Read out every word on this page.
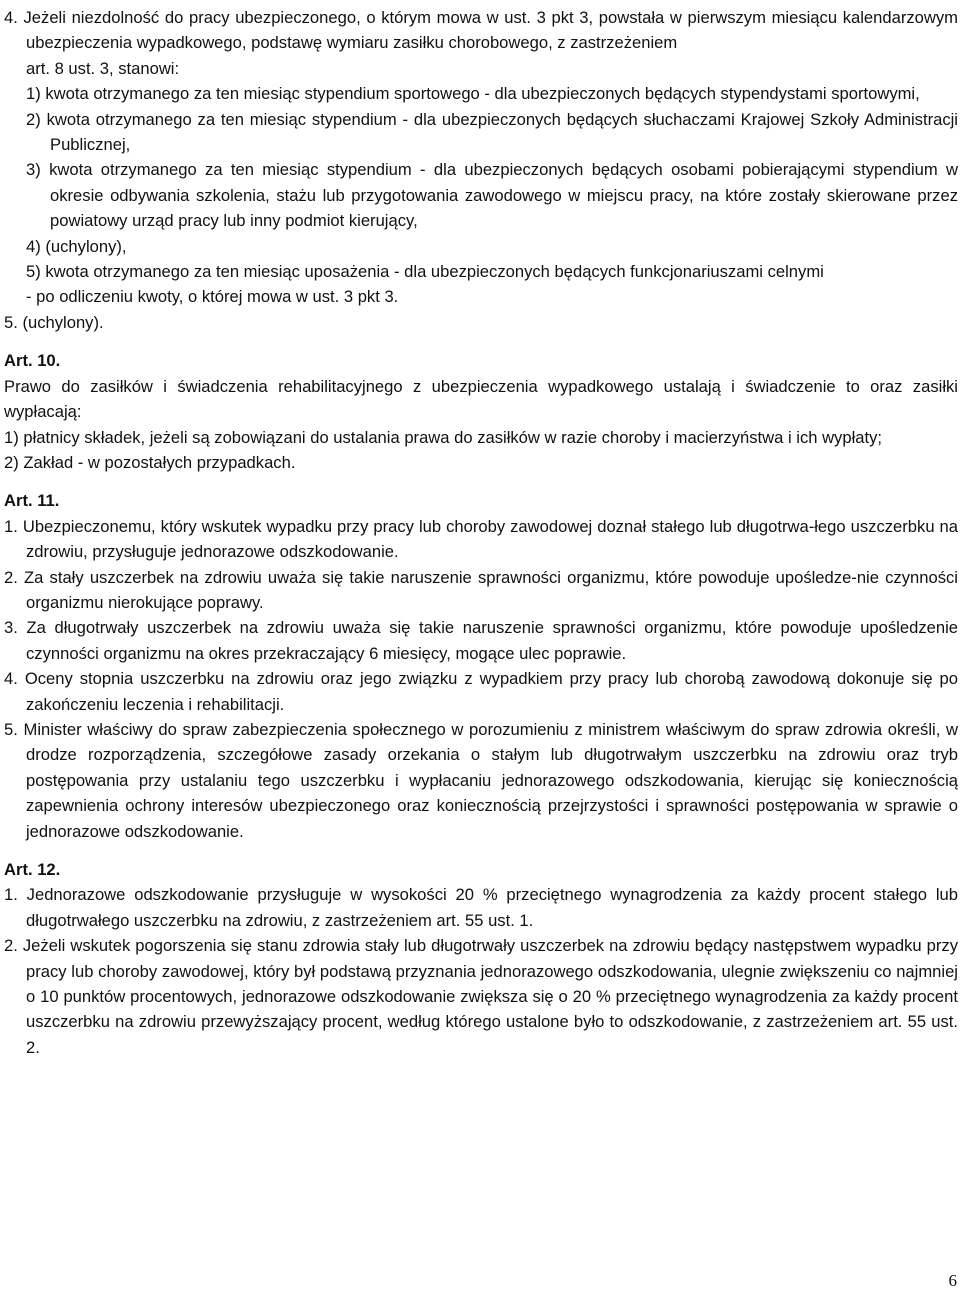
4. Jeżeli niezdolność do pracy ubezpieczonego, o którym mowa w ust. 3 pkt 3, powstała w pierwszym miesiącu kalendarzowym ubezpieczenia wypadkowego, podstawę wymiaru zasiłku chorobowego, z zastrzeżeniem

art. 8 ust. 3, stanowi:

1) kwota otrzymanego za ten miesiąc stypendium sportowego - dla ubezpieczonych będących stypendystami sportowymi,

2) kwota otrzymanego za ten miesiąc stypendium - dla ubezpieczonych będących słuchaczami Krajowej Szkoły Administracji Publicznej,

3) kwota otrzymanego za ten miesiąc stypendium - dla ubezpieczonych będących osobami pobierającymi stypendium w okresie odbywania szkolenia, stażu lub przygotowania zawodowego w miejscu pracy, na które zostały skierowane przez powiatowy urząd pracy lub inny podmiot kierujący,

4) (uchylony),

5) kwota otrzymanego za ten miesiąc uposażenia - dla ubezpieczonych będących funkcjonariuszami celnymi

- po odliczeniu kwoty, o której mowa w ust. 3 pkt 3.

5. (uchylony).

Art. 10.

Prawo do zasiłków i świadczenia rehabilitacyjnego z ubezpieczenia wypadkowego ustalają i świadczenie to oraz zasiłki wypłacają:

1) płatnicy składek, jeżeli są zobowiązani do ustalania prawa do zasiłków w razie choroby i macierzyństwa i ich wypłaty;

2) Zakład - w pozostałych przypadkach.

Art. 11.

1. Ubezpieczonemu, który wskutek wypadku przy pracy lub choroby zawodowej doznał stałego lub długotrwa-łego uszczerbku na zdrowiu, przysługuje jednorazowe odszkodowanie.

2. Za stały uszczerbek na zdrowiu uważa się takie naruszenie sprawności organizmu, które powoduje upośledze-nie czynności organizmu nierokujące poprawy.

3. Za długotrwały uszczerbek na zdrowiu uważa się takie naruszenie sprawności organizmu, które powoduje upośledzenie czynności organizmu na okres przekraczający 6 miesięcy, mogące ulec poprawie.

4. Oceny stopnia uszczerbku na zdrowiu oraz jego związku z wypadkiem przy pracy lub chorobą zawodową dokonuje się po zakończeniu leczenia i rehabilitacji.

5. Minister właściwy do spraw zabezpieczenia społecznego w porozumieniu z ministrem właściwym do spraw zdrowia określi, w drodze rozporządzenia, szczegółowe zasady orzekania o stałym lub długotrwałym uszczerbku na zdrowiu oraz tryb postępowania przy ustalaniu tego uszczerbku i wypłacaniu jednorazowego odszkodowania, kierując się koniecznością zapewnienia ochrony interesów ubezpieczonego oraz koniecznością przejrzystości i sprawności postępowania w sprawie o jednorazowe odszkodowanie.

Art. 12.

1. Jednorazowe odszkodowanie przysługuje w wysokości 20 % przeciętnego wynagrodzenia za każdy procent stałego lub długotrwałego uszczerbku na zdrowiu, z zastrzeżeniem art. 55 ust. 1.

2. Jeżeli wskutek pogorszenia się stanu zdrowia stały lub długotrwały uszczerbek na zdrowiu będący następstwem wypadku przy pracy lub choroby zawodowej, który był podstawą przyznania jednorazowego odszkodowania, ulegnie zwiększeniu co najmniej o 10 punktów procentowych, jednorazowe odszkodowanie zwiększa się o 20 % przeciętnego wynagrodzenia za każdy procent uszczerbku na zdrowiu przewyższający procent, według którego ustalone było to odszkodowanie, z zastrzeżeniem art. 55 ust. 2.

6
